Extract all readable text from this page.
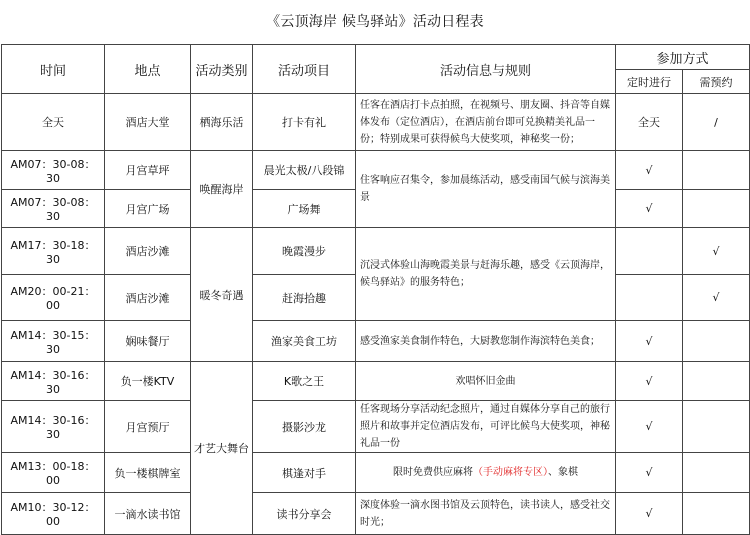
《云顶海岸 候鸟驿站》活动日程表
时间	地点	活动类别	活动项目	活动信息与规则	参加方式	
					定时进行	需预约
全天	酒店大堂	栖海乐活	打卡有礼	任客在酒店打卡点拍照，在视频号、朋友圈、抖音等自媒体发布（定位酒店），在酒店前台即可兑换精美礼品一份；特别成果可获得候鸟大使奖项，神秘奖一份；	全天	/
AM07：30-08：30	月宫草坪	唤醒海岸	晨光太极/八段锦	住客响应召集令，参加晨练活动，感受南国气候与滨海美景	√	
AM07：30-08：30	月宫广场		广场舞		√	
AM17：30-18：30	酒店沙滩	暖冬奇遇	晚霞漫步	沉浸式体验山海晚霞美景与赶海乐趣，感受《云顶海岸，候鸟驿站》的服务特色；		√
AM20：00-21：00	酒店沙滩		赶海拾趣			√
AM14：30-15：30	娴味餐厅		渔家美食工坊	感受渔家美食制作特色，大厨教您制作海滨特色美食；	√	
AM14：30-16：30	负一楼KTV	才艺大舞台	K歌之王	欢唱怀旧金曲	√	
AM14：30-16：30	月宫预厅		摄影沙龙	任客现场分享活动纪念照片，通过自媒体分享自己的旅行照片和故事并定位酒店发布，可评比候鸟大使奖项，神秘礼品一份	√	
AM13：00-18：00	负一楼棋牌室		棋逢对手	限时免费供应麻将（手动麻将专区）、象棋	√	
AM10：30-12：00	一滴水读书馆		读书分享会	深度体验一滴水图书馆及云顶特色，读书读人，感受社交时光；	√	
